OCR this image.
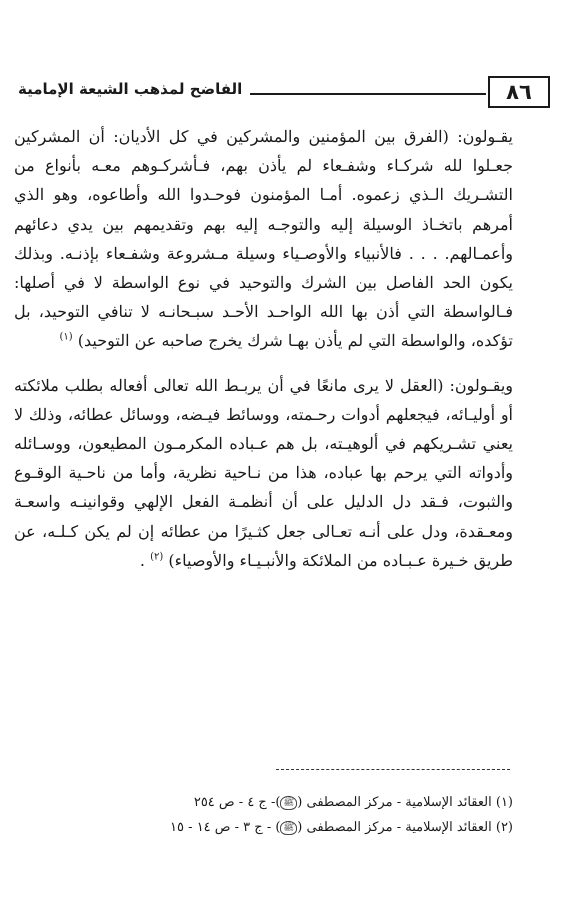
الفاضح لمذهب الشيعة الإمامية	٨٦

يقـولون: (الفرق بين المؤمنين والمشركين في كل الأديان: أن المشركين جعـلوا لله شركـاء وشفـعاء لم يأذن بهم، فـأشركـوهم معـه بأنواع من التشـريك الـذي زعموه. أمـا المؤمنون فوحـدوا الله وأطاعوه، وهو الذي أمرهم باتخـاذ الوسيلة إليه والتوجـه إليه بهم وتقديمهم بين يدي دعائهم وأعمـالهم. . . . فالأنبياء والأوصـياء وسيلة مـشروعة وشفـعاء بإذنـه. وبذلك يكون الحد الفاصل بين الشرك والتوحيد في نوع الواسطة لا في أصلها: فـالواسطة التي أذن بها الله الواحـد الأحـد سبـحانـه لا تنافي التوحيد، بل تؤكده، والواسطة التي لم يأذن بهـا شرك يخرج صاحبه عن التوحيد) $^{(١)}$

ويقـولون: (العقل لا يرى مانعًا في أن يربـط الله تعالى أفعاله بطلب ملائكته أو أوليـائه، فيجعلهم أدوات رحـمته، ووسائط فيـضه، ووسائل عطائه، وذلك لا يعني تشـريكهم في ألوهيـته، بل هم عـباده المكرمـون المطيعون، ووسـائله وأدواته التي يرحم بها عباده، هذا من نـاحية نظرية، وأما من ناحـية الوقـوع والثبوت، فـقد دل الدليل على أن أنظمـة الفعل الإلهي وقوانينـه واسعـة ومعـقدة، ودل على أنـه تعـالى جعل كثـيرًا من عطائه إن لم يكن كـلـه، عن طريق خـيرة عـبـاده من الملائكة والأنبـيـاء والأوصياء) $^{(٢)}$ .

(١) العقائد الإسلامية - مركز المصطفى (ﷺ)- ج ٤ - ص ٢٥٤

(٢) العقائد الإسلامية - مركز المصطفى (ﷺ) - ج ٣ - ص ١٤ - ١٥
